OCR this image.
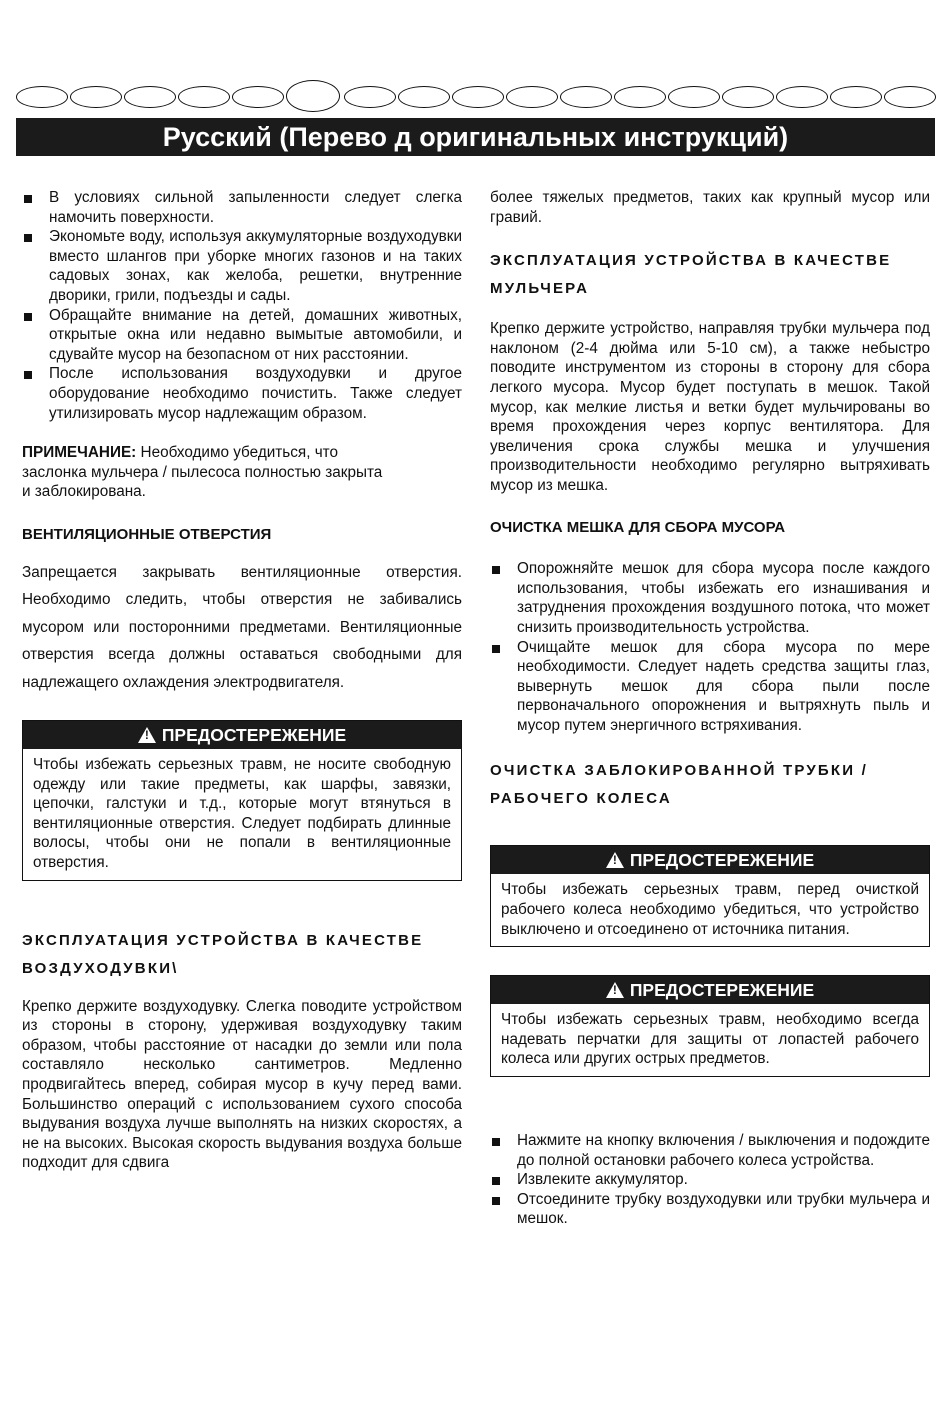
Русский (Перево д оригинальных инструкций)
В условиях сильной запыленности следует слегка намочить поверхности.
Экономьте воду, используя аккумуляторные воздуходувки вместо шлангов при уборке многих газонов и на таких садовых зонах, как желоба, решетки, внутренние дворики, грили, подъезды и сады.
Обращайте внимание на детей, домашних животных, открытые окна или недавно вымытые автомобили, и сдувайте мусор на безопасном от них расстоянии.
После использования воздуходувки и другое оборудование необходимо почистить. Также следует утилизировать мусор надлежащим образом.

ПРИМЕЧАНИЕ: Необходимо убедиться, что заслонка мульчера / пылесоса полностью закрыта и заблокирована.

ВЕНТИЛЯЦИОННЫЕ ОТВЕРСТИЯ

Запрещается закрывать вентиляционные отверстия. Необходимо следить, чтобы отверстия не забивались мусором или посторонними предметами. Вентиляционные отверстия всегда должны оставаться свободными для надлежащего охлаждения электродвигателя.

!ПРЕДОСТЕРЕЖЕНИЕ
Чтобы избежать серьезных травм, не носите свободную одежду или такие предметы, как шарфы, завязки, цепочки, галстуки и т.д., которые могут втянуться в вентиляционные отверстия. Следует подбирать длинные волосы, чтобы они не попали в вентиляционные отверстия.
ЭКСПЛУАТАЦИЯ УСТРОЙСТВА В КАЧЕСТВЕ ВОЗДУХОДУВКИ\

Крепко держите воздуходувку. Слегка поводите устройством из стороны в сторону, удерживая воздуходувку таким образом, чтобы расстояние от насадки до земли или пола составляло несколько сантиметров. Медленно продвигайтесь вперед, собирая мусор в кучу перед вами. Большинство операций с использованием сухого способа выдувания воздуха лучше выполнять на низких скоростях, а не на высоких. Высокая скорость выдувания воздуха больше подходит для сдвига

более тяжелых предметов, таких как крупный мусор или гравий.

ЭКСПЛУАТАЦИЯ УСТРОЙСТВА В КАЧЕСТВЕ МУЛЬЧЕРА

Крепко держите устройство, направляя трубки мульчера под наклоном (2-4 дюйма или 5-10 см), а также небыстро поводите инструментом из стороны в сторону для сбора легкого мусора. Мусор будет поступать в мешок. Такой мусор, как мелкие листья и ветки будет мульчированы во время прохождения через корпус вентилятора. Для увеличения срока службы мешка и улучшения производительности необходимо регулярно вытряхивать мусор из мешка.

ОЧИСТКА МЕШКА ДЛЯ СБОРА МУСОРА
Опорожняйте мешок для сбора мусора после каждого использования, чтобы избежать его изнашивания и затруднения прохождения воздушного потока, что может снизить производительность устройства.
Очищайте мешок для сбора мусора по мере необходимости. Следует надеть средства защиты глаз, вывернуть мешок для сбора пыли после первоначального опорожнения и вытряхнуть пыль и мусор путем энергичного встряхивания.
ОЧИСТКА ЗАБЛОКИРОВАННОЙ ТРУБКИ / РАБОЧЕГО КОЛЕСА
!ПРЕДОСТЕРЕЖЕНИЕ
Чтобы избежать серьезных травм, перед очисткой рабочего колеса необходимо убедиться, что устройство выключено и отсоединено от источника питания.
!ПРЕДОСТЕРЕЖЕНИЕ
Чтобы избежать серьезных травм, необходимо всегда надевать перчатки для защиты от лопастей рабочего колеса или других острых предметов.
Нажмите на кнопку включения / выключения и подождите до полной остановки рабочего колеса устройства.
Извлеките аккумулятор.
Отсоедините трубку воздуходувки или трубки мульчера и мешок.
